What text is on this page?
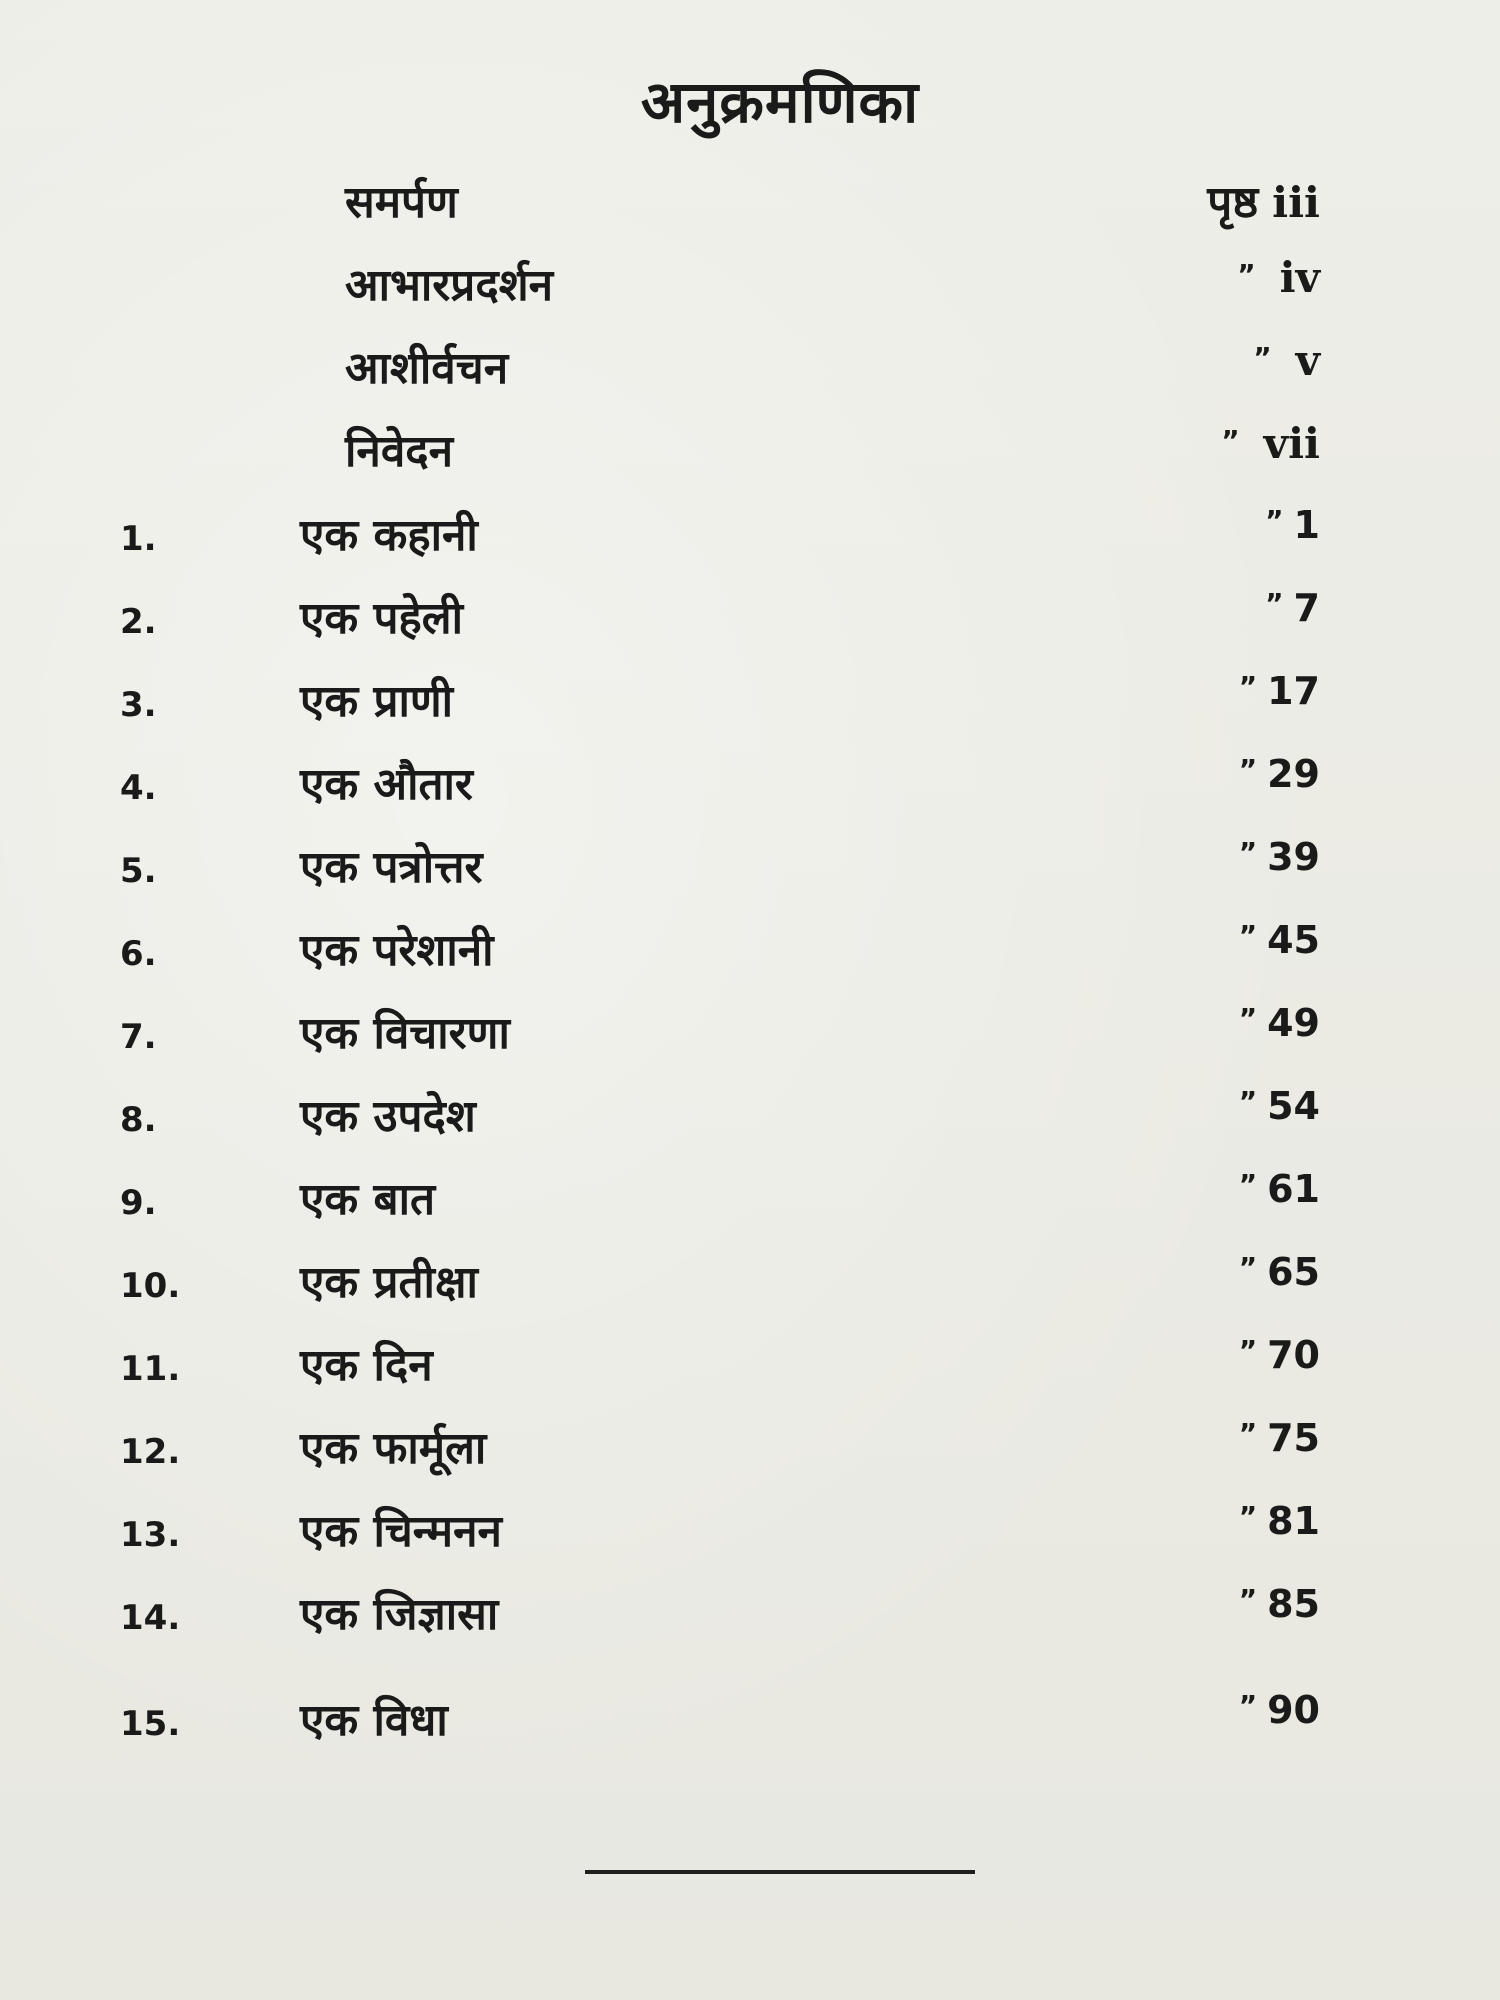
अनुक्रमणिका
समर्पण	पृष्ठ iii
आभारप्रदर्शन	” iv
आशीर्वचन	” v
निवेदन	” vii
1.	एक कहानी	” 1
2.	एक पहेली	” 7
3.	एक प्राणी	” 17
4.	एक औतार	” 29
5.	एक पत्रोत्तर	” 39
6.	एक परेशानी	” 45
7.	एक विचारणा	” 49
8.	एक उपदेश	” 54
9.	एक बात	” 61
10.	एक प्रतीक्षा	” 65
11.	एक दिन	” 70
12.	एक फार्मूला	” 75
13.	एक चिन्मनन	” 81
14.	एक जिज्ञासा	” 85
15.	एक विधा	” 90
